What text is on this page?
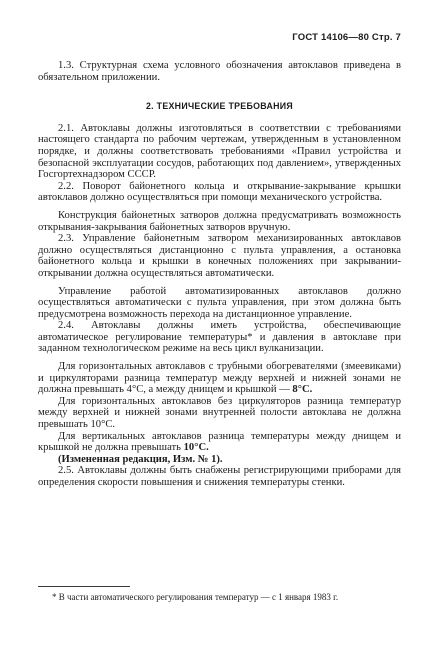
ГОСТ 14106—80 Стр. 7

1.3. Структурная схема условного обозначения автоклавов приведена в обязательном приложении.

2. ТЕХНИЧЕСКИЕ ТРЕБОВАНИЯ

2.1. Автоклавы должны изготовляться в соответствии с требованиями настоящего стандарта по рабочим чертежам, утвержденным в установленном порядке, и должны соответствовать требованиями «Правил устройства и безопасной эксплуатации сосудов, работающих под давлением», утвержденных Госгортехнадзором СССР.

2.2. Поворот байонетного кольца и открывание-закрывание крышки автоклавов должно осуществляться при помощи механического устройства.

Конструкция байонетных затворов должна предусматривать возможность открывания-закрывания байонетных затворов вручную.

2.3. Управление байонетным затвором механизированных автоклавов должно осуществляться дистанционно с пульта управления, а остановка байонетного кольца и крышки в конечных положениях при закрывании-открывании должна осуществляться автоматически.

Управление работой автоматизированных автоклавов должно осуществляться автоматически с пульта управления, при этом должна быть предусмотрена возможность перехода на дистанционное управление.

2.4. Автоклавы должны иметь устройства, обеспечивающие автоматическое регулирование температуры* и давления в автоклаве при заданном технологическом режиме на весь цикл вулканизации.

Для горизонтальных автоклавов с трубными обогревателями (змеевиками) и циркуляторами разница температур между верхней и нижней зонами не должна превышать 4°С, а между днищем и крышкой — 8°С.

Для горизонтальных автоклавов без циркуляторов разница температур между верхней и нижней зонами внутренней полости автоклава не должна превышать 10°С.

Для вертикальных автоклавов разница температуры между днищем и крышкой не должна превышать 10°С.

(Измененная редакция, Изм. № 1).

2.5. Автоклавы должны быть снабжены регистрирующими приборами для определения скорости повышения и снижения температуры стенки.

* В части автоматического регулирования температур — с 1 января 1983 г.
